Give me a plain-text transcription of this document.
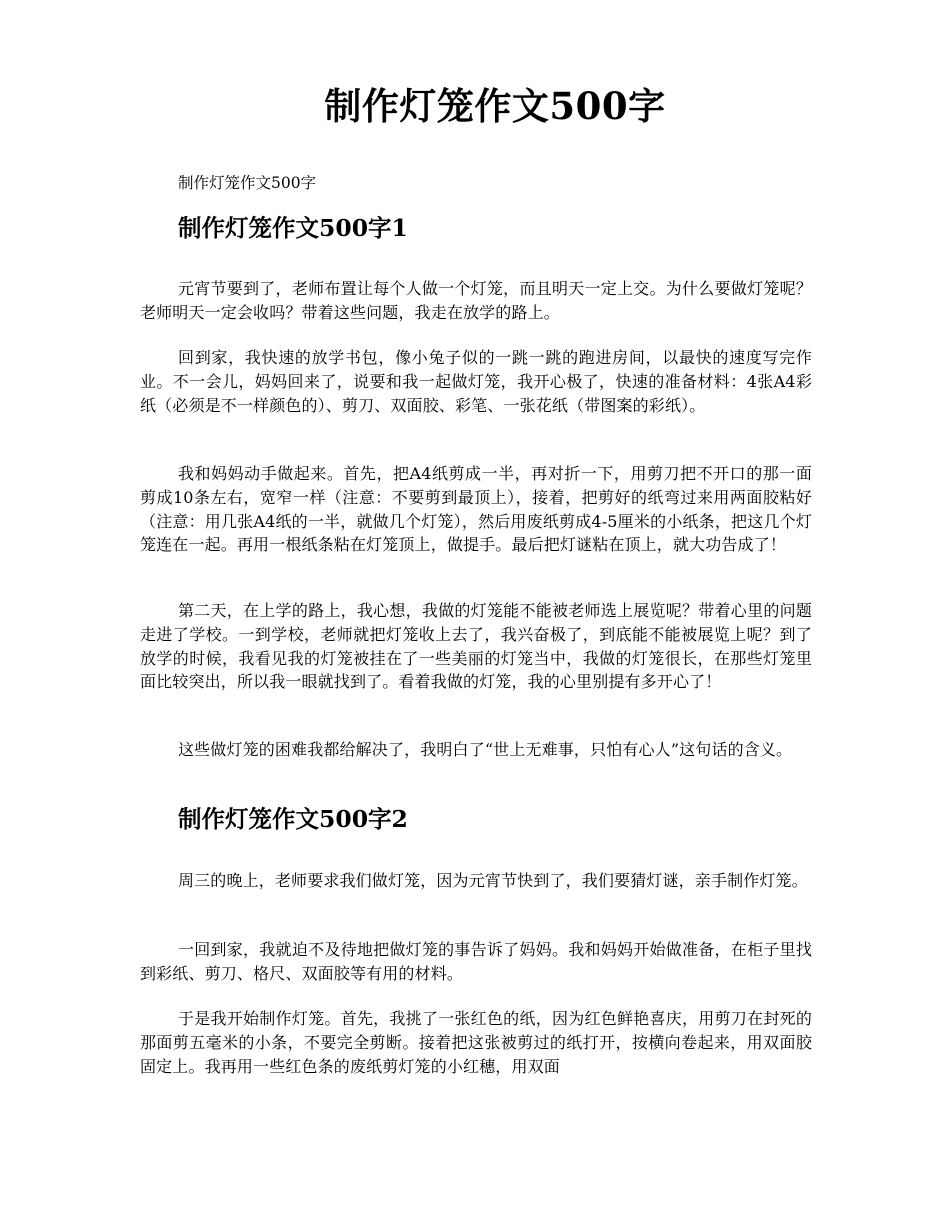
制作灯笼作文500字

制作灯笼作文500字

制作灯笼作文500字1

元宵节要到了，老师布置让每个人做一个灯笼，而且明天一定上交。为什么要做灯笼呢？老师明天一定会收吗？带着这些问题，我走在放学的路上。

回到家，我快速的放学书包，像小兔子似的一跳一跳的跑进房间，以最快的速度写完作业。不一会儿，妈妈回来了，说要和我一起做灯笼，我开心极了，快速的准备材料：4张A4彩纸（必须是不一样颜色的）、剪刀、双面胶、彩笔、一张花纸（带图案的彩纸）。

我和妈妈动手做起来。首先，把A4纸剪成一半，再对折一下，用剪刀把不开口的那一面剪成10条左右，宽窄一样（注意：不要剪到最顶上），接着，把剪好的纸弯过来用两面胶粘好（注意：用几张A4纸的一半，就做几个灯笼），然后用废纸剪成4-5厘米的小纸条，把这几个灯笼连在一起。再用一根纸条粘在灯笼顶上，做提手。最后把灯谜粘在顶上，就大功告成了！

第二天，在上学的路上，我心想，我做的灯笼能不能被老师选上展览呢？带着心里的问题走进了学校。一到学校，老师就把灯笼收上去了，我兴奋极了，到底能不能被展览上呢？到了放学的时候，我看见我的灯笼被挂在了一些美丽的灯笼当中，我做的灯笼很长，在那些灯笼里面比较突出，所以我一眼就找到了。看着我做的灯笼，我的心里别提有多开心了！

这些做灯笼的困难我都给解决了，我明白了“世上无难事，只怕有心人”这句话的含义。

制作灯笼作文500字2

周三的晚上，老师要求我们做灯笼，因为元宵节快到了，我们要猜灯谜，亲手制作灯笼。

一回到家，我就迫不及待地把做灯笼的事告诉了妈妈。我和妈妈开始做准备，在柜子里找到彩纸、剪刀、格尺、双面胶等有用的材料。

于是我开始制作灯笼。首先，我挑了一张红色的纸，因为红色鲜艳喜庆，用剪刀在封死的那面剪五毫米的小条，不要完全剪断。接着把这张被剪过的纸打开，按横向卷起来，用双面胶固定上。我再用一些红色条的废纸剪灯笼的小红穗，用双面
